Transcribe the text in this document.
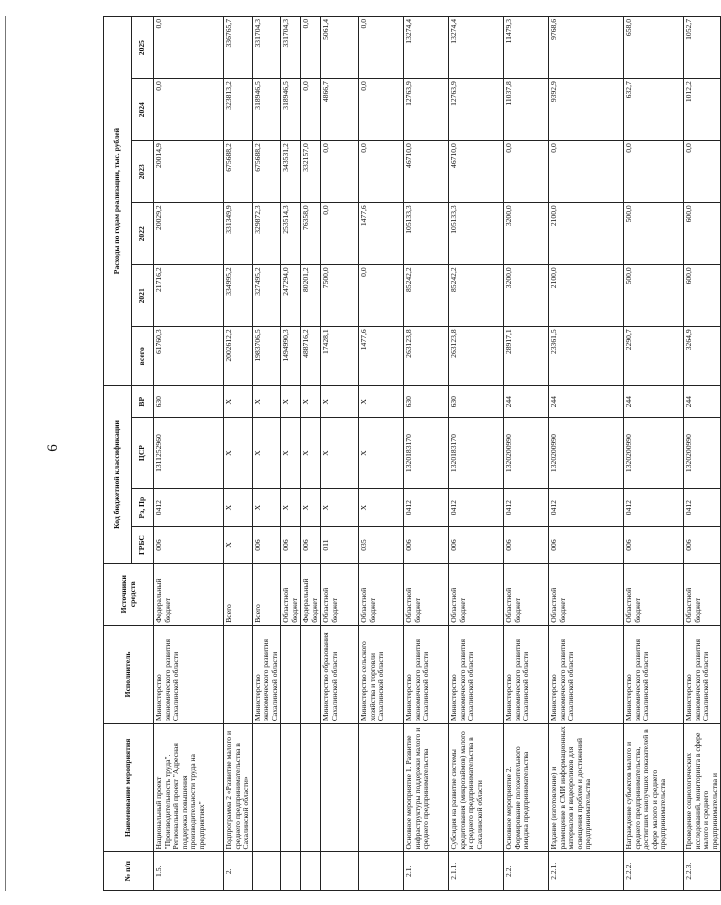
6
№ п/п	Наименование мероприятия	Исполнитель	Источники средств	Код бюджетной классификации				Расходы по годам реализации, тыс. рублей					
				ГРБС	Рз, Пр	ЦСР	ВР	всего	2021	2022	2023	2024	2025
1.5.	Национальный проект "Производительность труда". Региональный проект "Адресная поддержка повышения производительности труда на предприятиях"	Министерство экономического развития Сахалинской области	Федеральный бюджет	006	0412	1311252960	630	61760,3	21716,2	20029,2	20014,9	0,0	0,0
2.	Подпрограмма 2 «Развитие малого и среднего предпринимательства в Сахалинской области»		Всего	Х	Х	Х	Х	2002612,2	334995,2	331349,9	675688,2	323813,2	336765,7
		Министерство экономического развития Сахалинской области	Всего	006	Х	Х	Х	1983706,5	327495,2	329872,3	675688,2	318946,5	331704,3
			Областной бюджет	006	Х	Х	Х	1494990,3	247294,0	253514,3	343531,2	318946,5	331704,3
			Федеральный бюджет	006	Х	Х	Х	488716,2	80201,2	76358,0	332157,0	0,0	0,0
		Министерство образования Сахалинской области	Областной бюджет	011	Х	Х	Х	17428,1	7500,0	0,0	0,0	4866,7	5061,4
		Министерство сельского хозяйства и торговли Сахалинской области	Областной бюджет	035	Х	Х	Х	1477,6	0,0	1477,6	0,0	0,0	0,0
2.1.	Основное мероприятие 1. Развитие инфраструктуры поддержки малого и среднего предпринимательства	Министерство экономического развития Сахалинской области	Областной бюджет	006	0412	1320183170	630	263123,8	85242,2	105133,3	46710,0	12763,9	13274,4
2.1.1.	Субсидия на развитие системы кредитования (микрозаймов) малого и среднего предпринимательства в Сахалинской области	Министерство экономического развития Сахалинской области	Областной бюджет	006	0412	1320183170	630	263123,8	85242,2	105133,3	46710,0	12763,9	13274,4
2.2.	Основное мероприятие 2. Формирование положительного имиджа предпринимательства	Министерство экономического развития Сахалинской области	Областной бюджет	006	0412	1320200990	244	28917,1	3200,0	3200,0	0,0	11037,8	11479,3
2.2.1.	Издание (изготовление) и размещение в СМИ информационных материалов и видеороликов для освещения проблем и достижений предпринимательства	Министерство экономического развития Сахалинской области	Областной бюджет	006	0412	1320200990	244	23361,5	2100,0	2100,0	0,0	9392,9	9768,6
2.2.2.	Награждение субъектов малого и среднего предпринимательства, достигших наилучших показателей в сфере малого и среднего предпринимательства	Министерство экономического развития Сахалинской области	Областной бюджет	006	0412	1320200990	244	2290,7	500,0	500,0	0,0	632,7	658,0
2.2.3.	Проведение социологических исследований, мониторинга в сфере малого и среднего предпринимательства и	Министерство экономического развития Сахалинской области	Областной бюджет	006	0412	1320200990	244	3264,9	600,0	600,0	0,0	1012,2	1052,7
